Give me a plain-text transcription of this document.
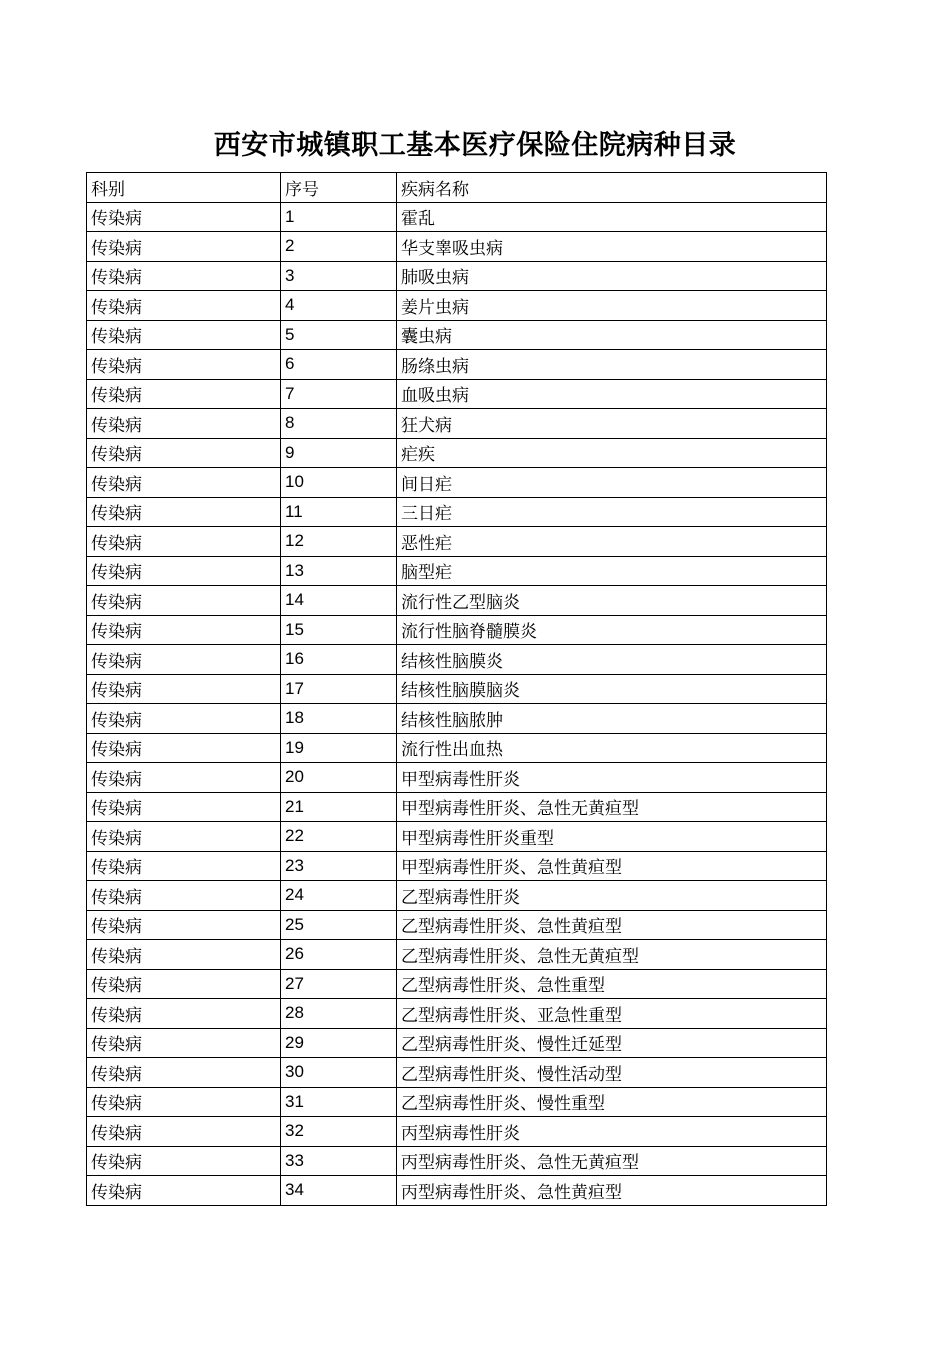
西安市城镇职工基本医疗保险住院病种目录
科别	序号	疾病名称
传染病	1	霍乱
传染病	2	华支睾吸虫病
传染病	3	肺吸虫病
传染病	4	姜片虫病
传染病	5	囊虫病
传染病	6	肠绦虫病
传染病	7	血吸虫病
传染病	8	狂犬病
传染病	9	疟疾
传染病	10	间日疟
传染病	11	三日疟
传染病	12	恶性疟
传染病	13	脑型疟
传染病	14	流行性乙型脑炎
传染病	15	流行性脑脊髓膜炎
传染病	16	结核性脑膜炎
传染病	17	结核性脑膜脑炎
传染病	18	结核性脑脓肿
传染病	19	流行性出血热
传染病	20	甲型病毒性肝炎
传染病	21	甲型病毒性肝炎、急性无黄疸型
传染病	22	甲型病毒性肝炎重型
传染病	23	甲型病毒性肝炎、急性黄疸型
传染病	24	乙型病毒性肝炎
传染病	25	乙型病毒性肝炎、急性黄疸型
传染病	26	乙型病毒性肝炎、急性无黄疸型
传染病	27	乙型病毒性肝炎、急性重型
传染病	28	乙型病毒性肝炎、亚急性重型
传染病	29	乙型病毒性肝炎、慢性迁延型
传染病	30	乙型病毒性肝炎、慢性活动型
传染病	31	乙型病毒性肝炎、慢性重型
传染病	32	丙型病毒性肝炎
传染病	33	丙型病毒性肝炎、急性无黄疸型
传染病	34	丙型病毒性肝炎、急性黄疸型
